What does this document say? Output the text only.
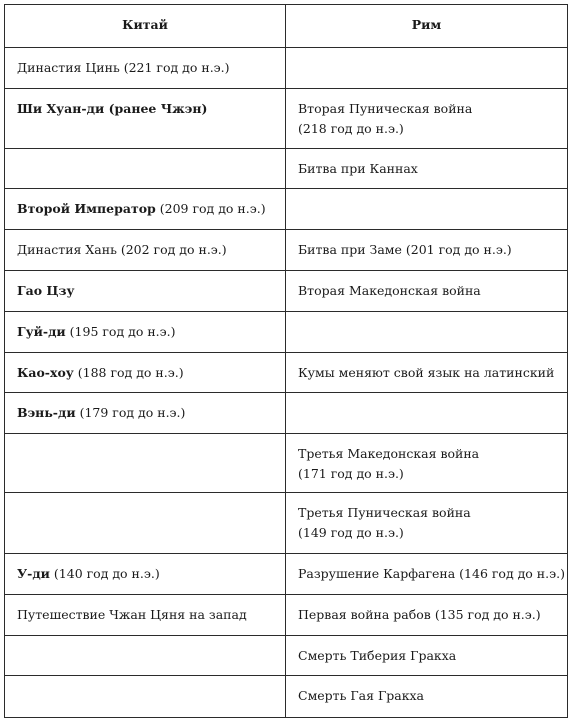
Китай	Рим
Династия Цинь (221 год до н.э.)	

Ши Хуан-ди (ранее Чжэн)	Вторая Пуническая война
(218 год до н.э.)

	Битва при Каннах

Второй Император (209 год до н.э.)	

Династия Хань (202 год до н.э.)	Битва при Заме (201 год до н.э.)

Гао Цзу	Вторая Македонская война

Гуй-ди (195 год до н.э.)	

Као-хоу (188 год до н.э.)	Кумы меняют свой язык на латинский

Вэнь-ди (179 год до н.э.)	

	Третья Македонская война
(171 год до н.э.)

	Третья Пуническая война
(149 год до н.э.)

У-ди (140 год до н.э.)	Разрушение Карфагена (146 год до н.э.)

Путешествие Чжан Цяня на запад	Первая война рабов (135 год до н.э.)

	Смерть Тиберия Гракха

	Смерть Гая Гракха
